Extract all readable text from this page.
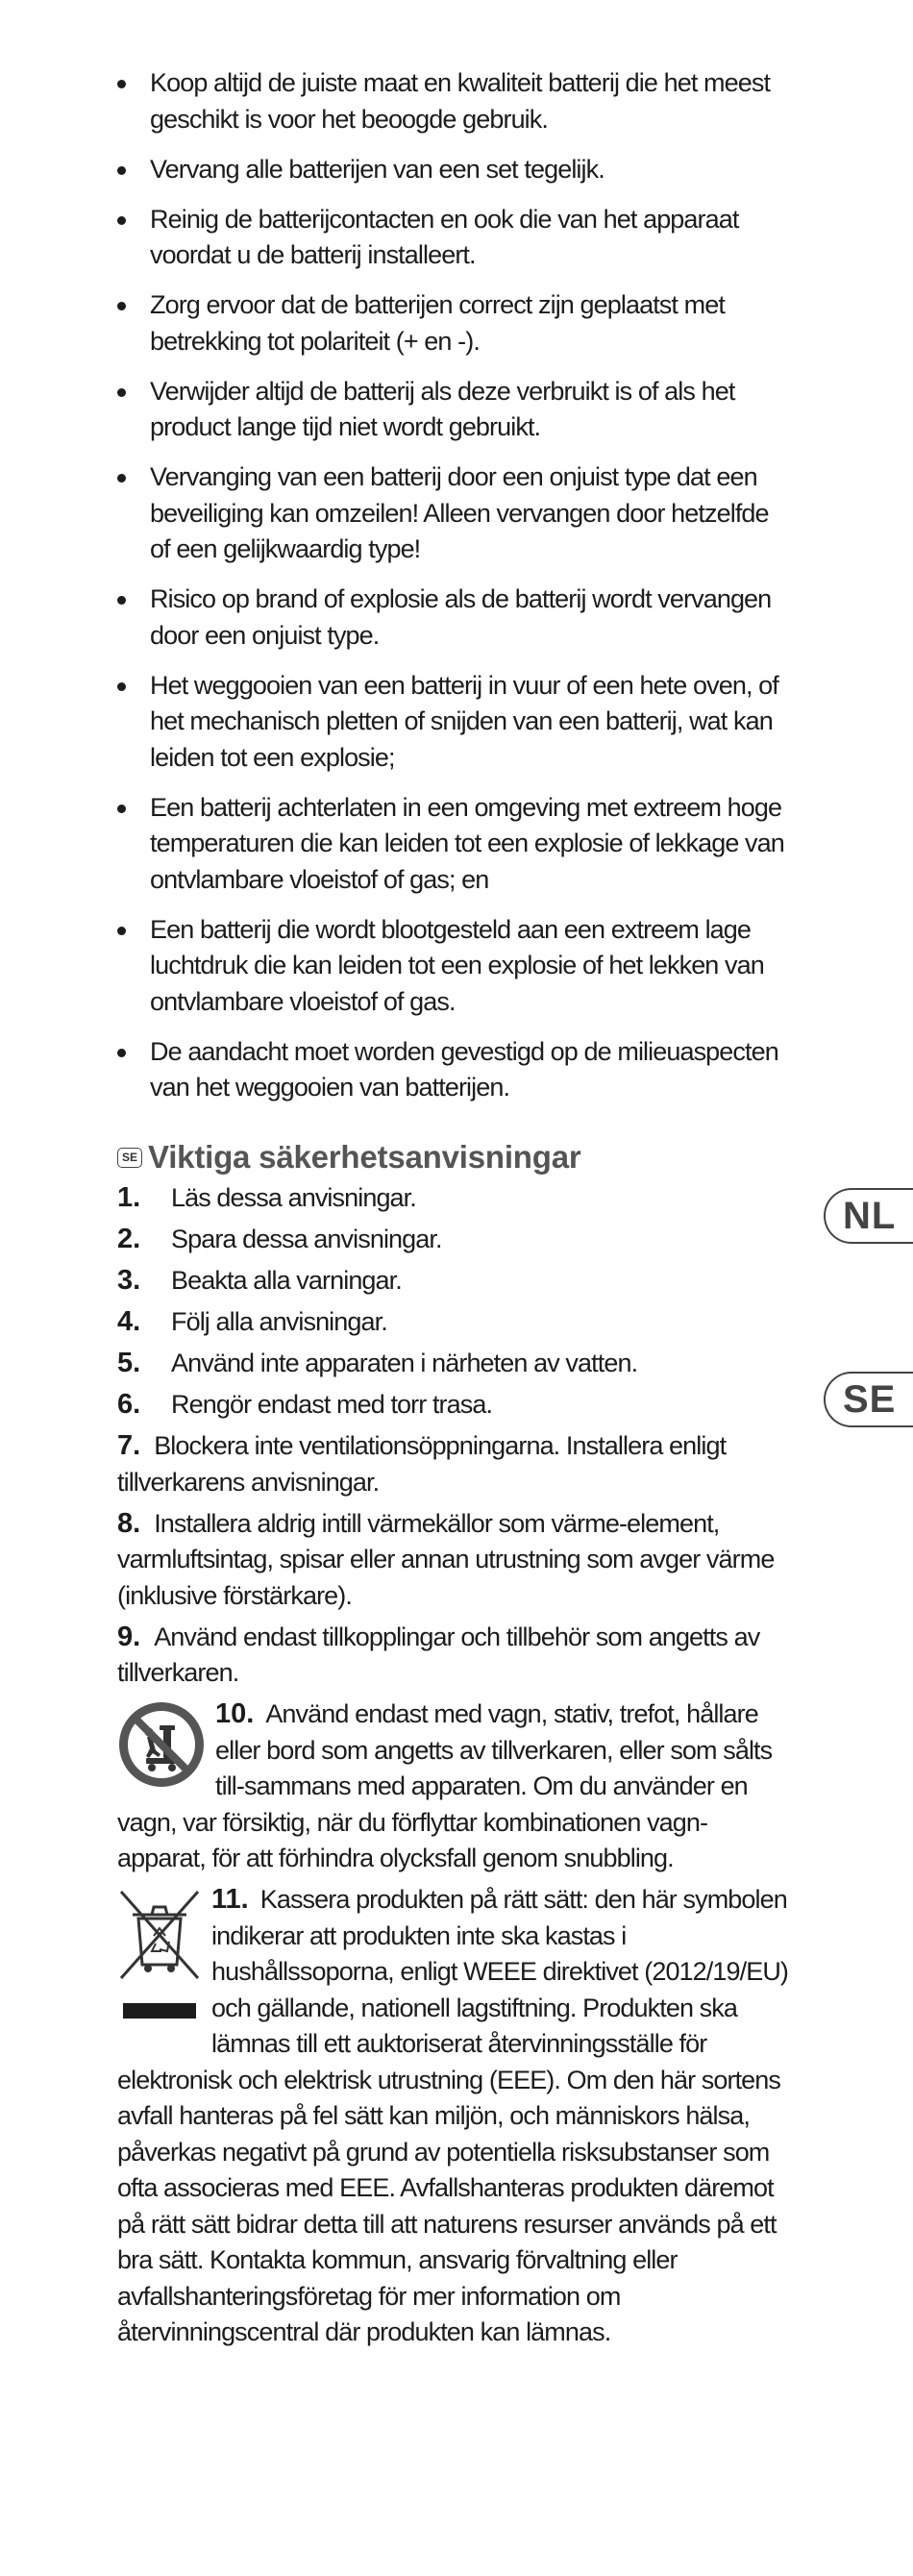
Koop altijd de juiste maat en kwaliteit batterij die het meest geschikt is voor het beoogde gebruik.
Vervang alle batterijen van een set tegelijk.
Reinig de batterijcontacten en ook die van het apparaat voordat u de batterij installeert.
Zorg ervoor dat de batterijen correct zijn geplaatst met betrekking tot polariteit (+ en -).
Verwijder altijd de batterij als deze verbruikt is of als het product lange tijd niet wordt gebruikt.
Vervanging van een batterij door een onjuist type dat een beveiliging kan omzeilen! Alleen vervangen door hetzelfde of een gelijkwaardig type!
Risico op brand of explosie als de batterij wordt vervangen door een onjuist type.
Het weggooien van een batterij in vuur of een hete oven, of het mechanisch pletten of snijden van een batterij, wat kan leiden tot een explosie;
Een batterij achterlaten in een omgeving met extreem hoge temperaturen die kan leiden tot een explosie of lekkage van ontvlambare vloeistof of gas; en
Een batterij die wordt blootgesteld aan een extreem lage luchtdruk die kan leiden tot een explosie of het lekken van ontvlambare vloeistof of gas.
De aandacht moet worden gevestigd op de milieuaspecten van het weggooien van batterijen.
SE Viktiga säkerhetsanvisningar
1. Läs dessa anvisningar.
2. Spara dessa anvisningar.
3. Beakta alla varningar.
4. Följ alla anvisningar.
5. Använd inte apparaten i närheten av vatten.
6. Rengör endast med torr trasa.
7. Blockera inte ventilationsöppningarna. Installera enligt tillverkarens anvisningar.
8. Installera aldrig intill värmekällor som värme-element, varmluftsintag, spisar eller annan utrustning som avger värme (inklusive förstärkare).
9. Använd endast tillkopplingar och tillbehör som angetts av tillverkaren.
10. Använd endast med vagn, stativ, trefot, hållare eller bord som angetts av tillverkaren, eller som sålts till-sammans med apparaten. Om du använder en vagn, var försiktig, när du förflyttar kombinationen vagn-apparat, för att förhindra olycksfall genom snubbling.
11. Kassera produkten på rätt sätt: den här symbolen indikerar att produkten inte ska kastas i hushållssoporna, enligt WEEE direktivet (2012/19/EU) och gällande, nationell lagstiftning. Produkten ska lämnas till ett auktoriserat återvinningsställe för elektronisk och elektrisk utrustning (EEE). Om den här sortens avfall hanteras på fel sätt kan miljön, och människors hälsa, påverkas negativt på grund av potentiella risksubstanser som ofta associeras med EEE. Avfallshanteras produkten däremot på rätt sätt bidrar detta till att naturens resurser används på ett bra sätt. Kontakta kommun, ansvarig förvaltning eller avfallshanteringsföretag för mer information om återvinningscentral där produkten kan lämnas.
NL
SE
